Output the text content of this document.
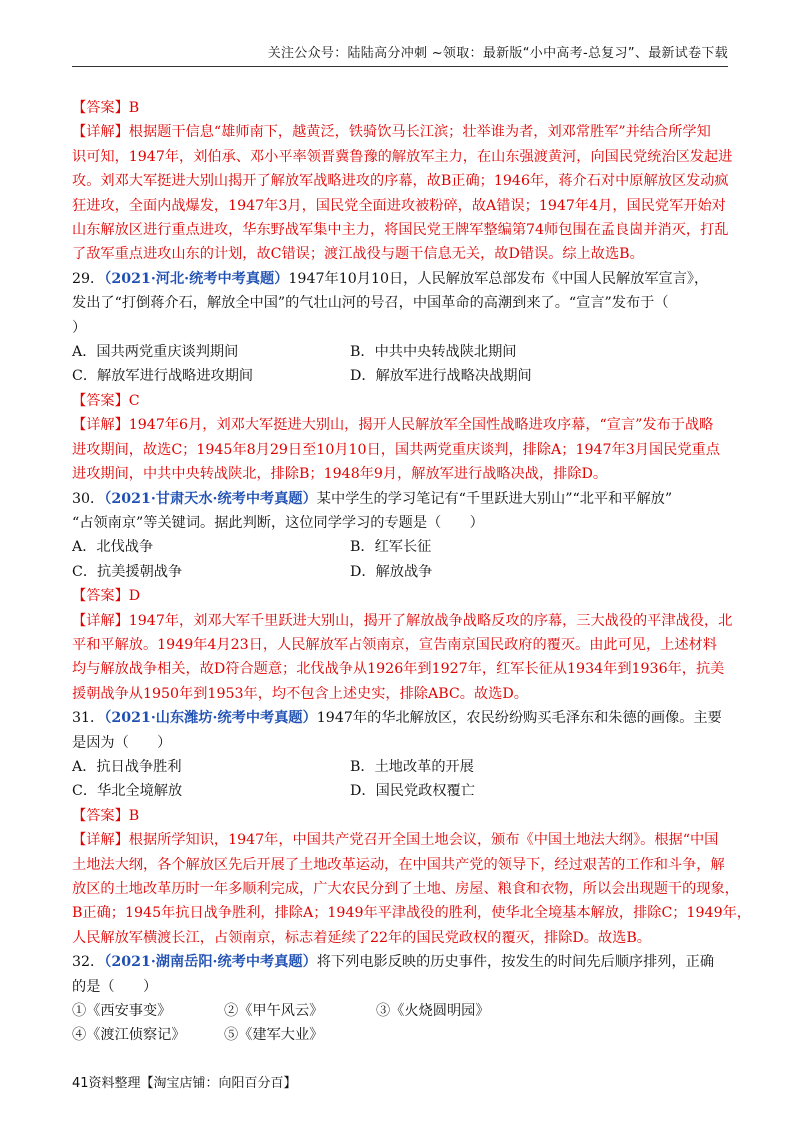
关注公众号：陆陆高分冲刺 ~领取：最新版“小中高考-总复习”、最新试卷下载
【答案】B
【详解】根据题干信息“雄师南下，越黄泛，铁骑饮马长江滨；壮举谁为者，刘邓常胜军”并结合所学知
识可知，1947年，刘伯承、邓小平率领晋冀鲁豫的解放军主力，在山东强渡黄河，向国民党统治区发起进
攻。刘邓大军挺进大别山揭开了解放军战略进攻的序幕，故B正确；1946年，蒋介石对中原解放区发动疯
狂进攻，全面内战爆发，1947年3月，国民党全面进攻被粉碎，故A错误；1947年4月，国民党军开始对
山东解放区进行重点进攻，华东野战军集中主力，将国民党王牌军整编第74师包围在孟良崮并消灭，打乱
了敌军重点进攻山东的计划，故C错误；渡江战役与题干信息无关，故D错误。综上故选B。
29．（2021·河北·统考中考真题）1947年10月10日，人民解放军总部发布《中国人民解放军宣言》，
发出了“打倒蒋介石，解放全中国”的气壮山河的号召，中国革命的高潮到来了。“宣言”发布于（
）
A．国共两党重庆谈判期间	B．中共中央转战陕北期间
C．解放军进行战略进攻期间	D．解放军进行战略决战期间
【答案】C
【详解】1947年6月，刘邓大军挺进大别山，揭开人民解放军全国性战略进攻序幕，“宣言”发布于战略
进攻期间，故选C；1945年8月29日至10月10日，国共两党重庆谈判，排除A；1947年3月国民党重点
进攻期间，中共中央转战陕北，排除B；1948年9月，解放军进行战略决战，排除D。
30．（2021·甘肃天水·统考中考真题）某中学生的学习笔记有“千里跃进大别山”“北平和平解放”
“占领南京”等关键词。据此判断，这位同学学习的专题是（　　）
A．北伐战争	B．红军长征
C．抗美援朝战争	D．解放战争
【答案】D
【详解】1947年，刘邓大军千里跃进大别山，揭开了解放战争战略反攻的序幕，三大战役的平津战役，北
平和平解放。1949年4月23日，人民解放军占领南京，宣告南京国民政府的覆灭。由此可见，上述材料
均与解放战争相关，故D符合题意；北伐战争从1926年到1927年，红军长征从1934年到1936年，抗美
援朝战争从1950年到1953年，均不包含上述史实，排除ABC。故选D。
31．（2021·山东潍坊·统考中考真题）1947年的华北解放区，农民纷纷购买毛泽东和朱德的画像。主要
是因为（　　）
A．抗日战争胜利	B．土地改革的开展
C．华北全境解放	D．国民党政权覆亡
【答案】B
【详解】根据所学知识，1947年，中国共产党召开全国土地会议，颁布《中国土地法大纲》。根据“中国
土地法大纲，各个解放区先后开展了土地改革运动，在中国共产党的领导下，经过艰苦的工作和斗争，解
放区的土地改革历时一年多顺利完成，广大农民分到了土地、房屋、粮食和衣物，所以会出现题干的现象，
B正确；1945年抗日战争胜利，排除A；1949年平津战役的胜利，使华北全境基本解放，排除C；1949年，
人民解放军横渡长江，占领南京，标志着延续了22年的国民党政权的覆灭，排除D。故选B。
32．（2021·湖南岳阳·统考中考真题）将下列电影反映的历史事件，按发生的时间先后顺序排列，正确
的是（　　）
①《西安事变》	②《甲午风云》	③《火烧圆明园》
④《渡江侦察记》	⑤《建军大业》
41资料整理【淘宝店铺：向阳百分百】
